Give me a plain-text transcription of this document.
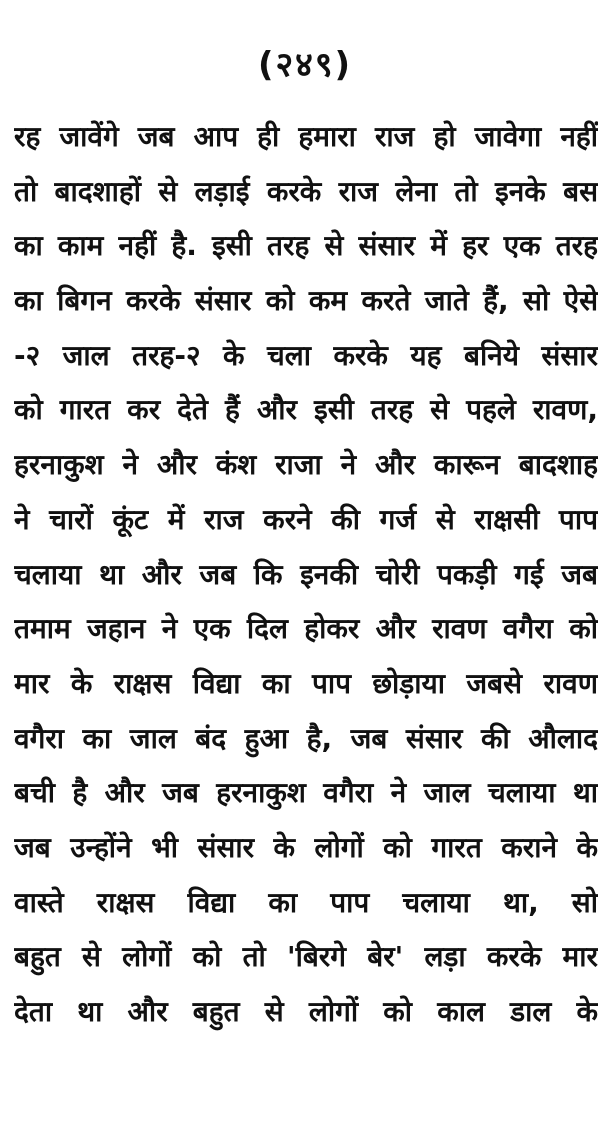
(२४९)
रह जावेंगे जब आप ही हमारा राज हो जावेगा नहीं
तो बादशाहों से लड़ाई करके राज लेना तो इनके बस
का काम नहीं है. इसी तरह से संसार में हर एक तरह
का बिगन करके संसार को कम करते जाते हैं, सो ऐसे
-२ जाल तरह-२ के चला करके यह बनिये संसार
को गारत कर देते हैं और इसी तरह से पहले रावण,
हरनाकुश ने और कंश राजा ने और कारून बादशाह
ने चारों कूंट में राज करने की गर्ज से राक्षसी पाप
चलाया था और जब कि इनकी चोरी पकड़ी गई जब
तमाम जहान ने एक दिल होकर और रावण वगैरा को
मार के राक्षस विद्या का पाप छोड़ाया जबसे रावण
वगैरा का जाल बंद हुआ है, जब संसार की औलाद
बची है और जब हरनाकुश वगैरा ने जाल चलाया था
जब उन्होंने भी संसार के लोगों को गारत कराने के
वास्ते राक्षस विद्या का पाप चलाया था, सो
बहुत से लोगों को तो 'बिरगे बेर' लड़ा करके मार
देता था और बहुत से लोगों को काल डाल के
